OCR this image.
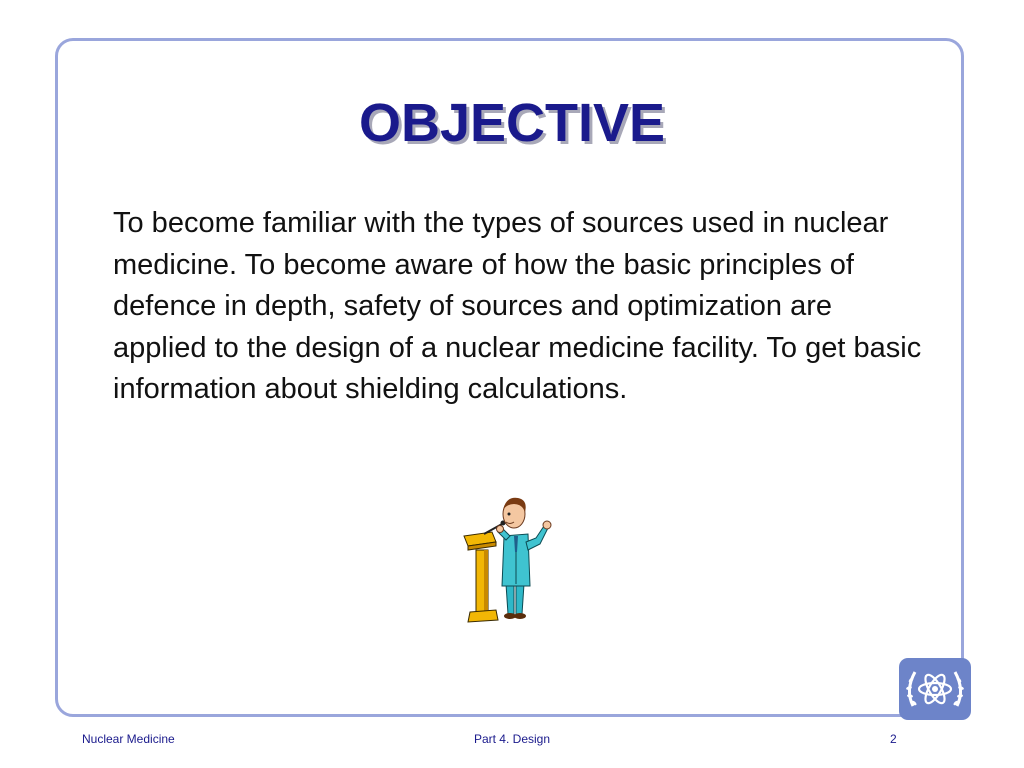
OBJECTIVE

To become familiar with the types of sources used in nuclear medicine. To become aware of how the basic principles of defence in depth, safety of sources and optimization are applied to the design of a nuclear medicine facility. To get basic information about shielding calculations.

Nuclear Medicine	Part 4. Design	2
